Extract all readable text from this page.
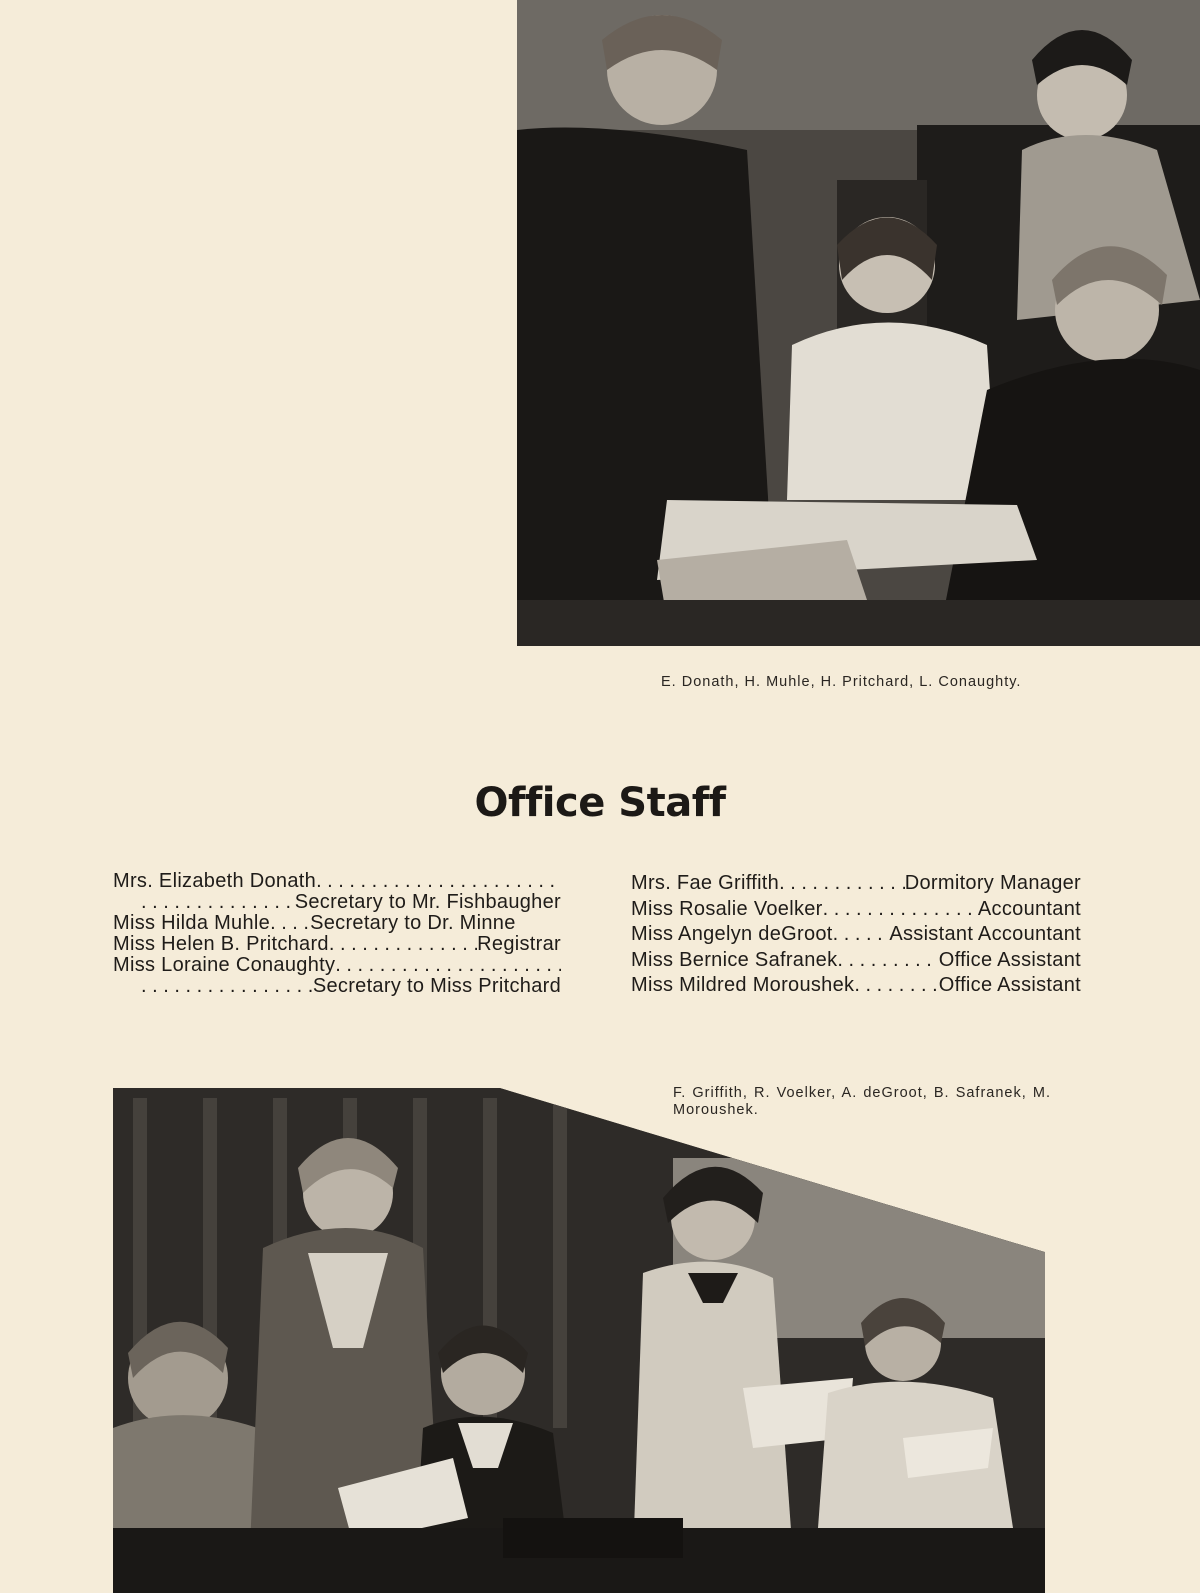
E. Donath, H. Muhle, H. Pritchard, L. Conaughty.
Office Staff
Mrs. Elizabeth Donath
. . .
. . .
Secretary to Mr. Fishbaugher
Miss Hilda Muhle . . . Secretary to Dr. Minne
Miss Helen B. Pritchard . . .	Registrar
Miss Loraine Conaughty
. . .
. . .
Secretary to Miss Pritchard
Mrs. Fae Griffith . . .	Dormitory Manager
Miss Rosalie Voelker . . .	Accountant
Miss Angelyn deGroot . . .	Assistant Accountant
Miss Bernice Safranek . . .	Office Assistant
Miss Mildred Moroushek . . .	Office Assistant
F. Griffith, R. Voelker, A. deGroot, B. Safranek, M. Moroushek.
